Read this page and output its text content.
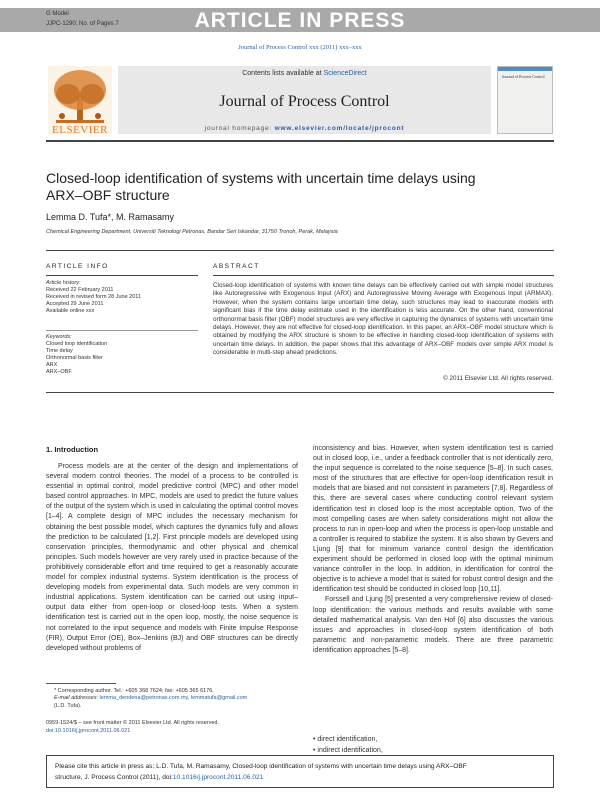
G Model
JJPC-1290; No. of Pages 7	ARTICLE IN PRESS
Journal of Process Control xxx (2011) xxx–xxx
ELSEVIER
Contents lists available at ScienceDirect
Journal of Process Control
journal homepage: www.elsevier.com/locate/jprocont
Journal of Process Control
Closed-loop identification of systems with uncertain time delays using
ARX–OBF structure
Lemma D. Tufa*, M. Ramasamy
Chemical Engineering Department, Universiti Teknologi Petronas, Bandar Seri Iskandar, 31750 Tronoh, Perak, Malaysia
ARTICLE INFO
Article history:
Received 22 February 2011
Received in revised form 28 June 2011
Accepted 29 June 2011
Available online xxx
Keywords:
Closed loop identification
Time delay
Orthonormal basis filter
ARX
ARX–OBF
ABSTRACT
Closed-loop identification of systems with known time delays can be effectively carried out with simple model structures like Autoregressive with Exogenous Input (ARX) and Autoregressive Moving Average with Exogenous Input (ARMAX). However, when the system contains large uncertain time delay, such structures may lead to inaccurate models with significant bias if the time delay estimate used in the identification is less accurate. On the other hand, conventional orthonormal basis filter (OBF) model structures are very effective in capturing the dynamics of systems with uncertain time delays. However, they are not effective for closed-loop identification. In this paper, an ARX–OBF model structure which is obtained by modifying the ARX structure is shown to be effective in handling closed-loop identification of systems with uncertain time delays. In addition, the paper shows that this advantage of ARX–OBF models over simple ARX model is considerable in multi-step ahead predictions.
© 2011 Elsevier Ltd. All rights reserved.
1. Introduction

Process models are at the center of the design and implementations of several modern control theories. The model of a process to be controlled is essential in optimal control, model predictive control (MPC) and other model based control approaches. In MPC, models are used to predict the future values of the output of the system which is used in calculating the optimal control moves [1–4]. A complete design of MPC includes the necessary mechanism for obtaining the best possible model, which captures the dynamics fully and allows the prediction to be calculated [1,2]. First principle models are developed using conservation principles, thermodynamic and other physical and chemical principles. Such models however are very rarely used in practice because of the prohibitively considerable effort and time required to get a reasonably accurate model for complex industrial systems. System identification is the process of developing models from experimental data. Such models are very common in industrial applications. System identification can be carried out using input–output data either from open-loop or closed-loop tests. When a system identification test is carried out in the open loop, mostly, the noise sequence is not correlated to the input sequence and models with Finite Impulse Response (FIR), Output Error (OE), Box–Jenkins (BJ) and OBF structures can be directly developed without problems of

inconsistency and bias. However, when system identification test is carried out in closed loop, i.e., under a feedback controller that is not identically zero, the input sequence is correlated to the noise sequence [5–8]. In such cases, most of the structures that are effective for open-loop identification result in models that are biased and not consistent in parameters [7,8]. Regardless of this, there are several cases where conducting control relevant system identification test in closed loop is the most acceptable option. Two of the most compelling cases are when safety considerations might not allow the process to run in open-loop and when the process is open-loop unstable and a controller is required to stabilize the system. It is also shown by Gevers and Ljung [9] that for minimum variance control design the identification experiment should be performed in closed loop with the optimal minimum variance controller in the loop. In addition, in identification for control the objective is to achieve a model that is suited for robust control design and the identification test should be conducted in closed loop [10,11].

Forssell and Ljung [5] presented a very comprehensive review of closed-loop identification: the various methods and results available with some detailed mathematical analysis. Van den Hof [6] also discusses the various issues and approaches in closed-loop system identification of both parametric and non-parametric models. There are three parametric identification approaches [5–8].

• direct identification,
• indirect identification,
* Corresponding author. Tel.: +605 368 7624; fax: +605 365 6176.
E-mail addresses: lemma_dendena@petronas.com.my, lemmatufa@gmail.com
(L.D. Tufa).
0959-1524/$ – see front matter © 2011 Elsevier Ltd. All rights reserved.
doi:10.1016/j.jprocont.2011.06.021
Please cite this article in press as: L.D. Tufa, M. Ramasamy, Closed-loop identification of systems with uncertain time delays using ARX–OBF
structure, J. Process Control (2011), doi:10.1016/j.jprocont.2011.06.021
